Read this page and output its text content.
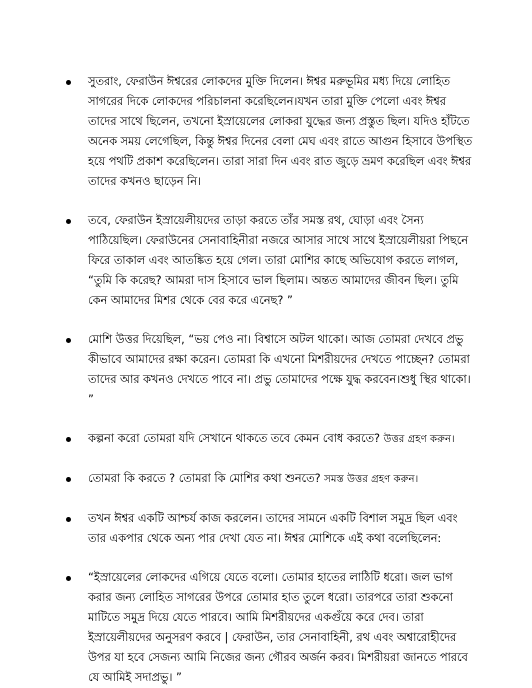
সুতরাং, ফেরাউন ঈশ্বরের লোকদের মুক্তি দিলেন। ঈশ্বর মরুভূমির মধ্য দিয়ে লোহিত সাগরের দিকে লোকদের পরিচালনা করেছিলেন।যখন তারা মুক্তি পেলো এবং ঈশ্বর তাদের সাথে ছিলেন, তখনো ইস্রায়েলের লোকরা যুদ্ধের জন্য প্রস্তুত ছিল। যদিও হাঁটতে অনেক সময় লেগেছিল, কিন্তু ঈশ্বর দিনের বেলা মেঘ এবং রাতে আগুন হিসাবে উপস্থিত হয়ে পথটি প্রকাশ করেছিলেন। তারা সারা দিন এবং রাত জুড়ে ভ্রমণ করেছিল এবং ঈশ্বর তাদের কখনও ছাড়েন নি।
তবে, ফেরাউন ইস্রায়েলীয়দের তাড়া করতে তাঁর সমস্ত রথ, ঘোড়া এবং সৈন্য পাঠিয়েছিল। ফেরাউনের সেনাবাহিনীরা নজরে আসার সাথে সাথে ইস্রায়েলীয়রা পিছনে ফিরে তাকাল এবং আতঙ্কিত হয়ে গেল। তারা মোশির কাছে অভিযোগ করতে লাগল, “তুমি কি করেছ? আমরা দাস হিসাবে ভাল ছিলাম। অন্তত আমাদের জীবন ছিল। তুমি কেন আমাদের মিশর থেকে বের করে এনেছ? ”
মোশি উত্তর দিয়েছিল, “ভয় পেও না। বিশ্বাসে অটল থাকো। আজ তোমরা দেখবে প্রভু কীভাবে আমাদের রক্ষা করেন। তোমরা কি এখনো মিশরীয়দের দেখতে পাচ্ছেন? তোমরা তাদের আর কখনও দেখতে পাবে না। প্রভু তোমাদের পক্ষে যুদ্ধ করবেন।শুধু স্থির থাকো। ”
কল্পনা করো তোমরা যদি সেখানে থাকতে তবে কেমন বোধ করতে? উত্তর গ্রহণ করুন।
তোমরা কি করতে ? তোমরা কি মোশির কথা শুনতে? সমস্ত উত্তর গ্রহণ করুন।
তখন ঈশ্বর একটি আশ্চর্য কাজ করলেন। তাদের সামনে একটি বিশাল সমুদ্র ছিল এবং তার একপার থেকে অন্য পার দেখা যেত না। ঈশ্বর মোশিকে এই কথা বলেছিলেন:
“ইস্রায়েলের লোকদের এগিয়ে যেতে বলো। তোমার হাতের লাঠিটি ধরো। জল ভাগ করার জন্য লোহিত সাগরের উপরে তোমার হাত তুলে ধরো। তারপরে তারা শুকনো মাটিতে সমুদ্র দিয়ে যেতে পারবে। আমি মিশরীয়দের একগুঁয়ে করে দেব। তারা ইস্রায়েলীয়দের অনুসরণ করবে | ফেরাউন, তার সেনাবাহিনী, রথ এবং অশ্বারোহীদের উপর যা হবে সেজন্য আমি নিজের জন্য গৌরব অর্জন করব। মিশরীয়রা জানতে পারবে যে আমিই সদাপ্রভু। ”
